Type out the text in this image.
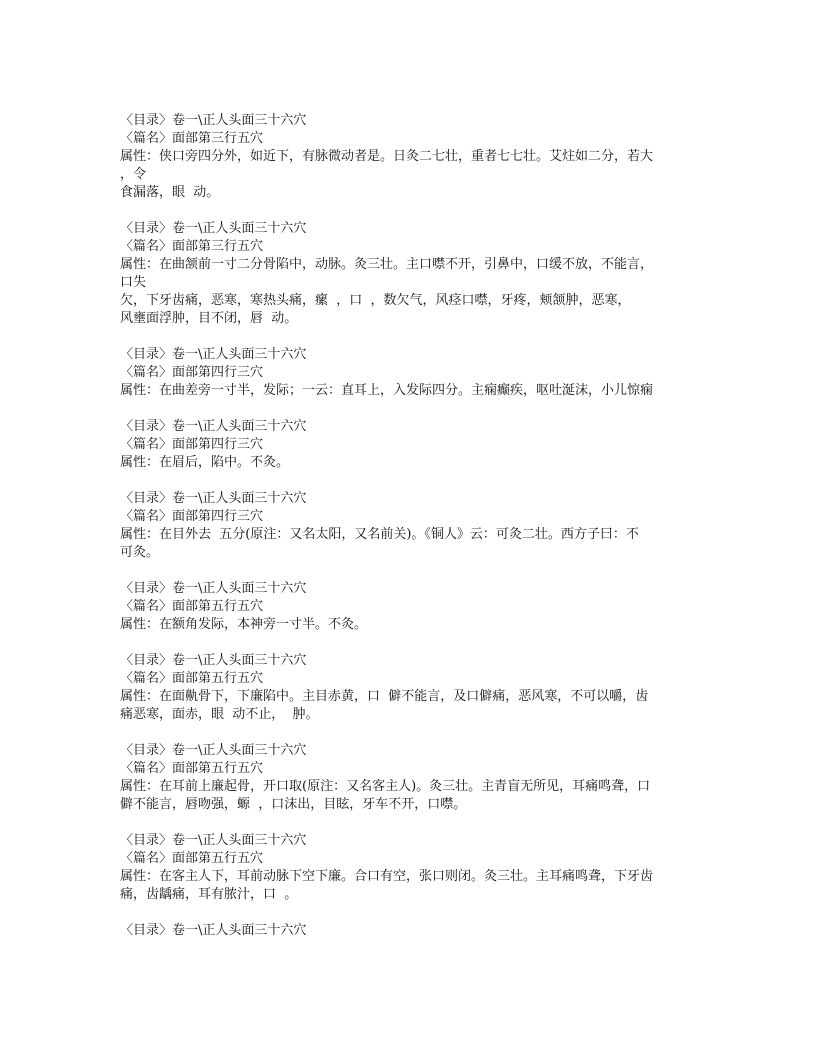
〈目录〉卷一\正人头面三十六穴
〈篇名〉面部第三行五穴
属性：侠口旁四分外，如近下，有脉微动者是。日灸二七壮，重者七七壮。艾炷如二分，若大
，令
食漏落，眼  动。
〈目录〉卷一\正人头面三十六穴
〈篇名〉面部第三行五穴
属性：在曲颔前一寸二分骨陷中，动脉。灸三壮。主口噤不开，引鼻中，口缓不放，不能言，
口失
欠，下牙齿痛，恶寒，寒热头痛，瘰  ，口  ，数欠气，风痉口噤，牙疼，颊颔肿，恶寒，
风壅面浮肿，目不闭，唇  动。
〈目录〉卷一\正人头面三十六穴
〈篇名〉面部第四行三穴
属性：在曲差旁一寸半，发际；一云：直耳上，入发际四分。主痫癫疾，呕吐涎沫，小儿惊痫
〈目录〉卷一\正人头面三十六穴
〈篇名〉面部第四行三穴
属性：在眉后，陷中。不灸。
〈目录〉卷一\正人头面三十六穴
〈篇名〉面部第四行三穴
属性：在目外去  五分(原注：又名太阳，又名前关)。《铜人》云：可灸二壮。西方子曰：不
可灸。
〈目录〉卷一\正人头面三十六穴
〈篇名〉面部第五行五穴
属性：在额角发际，本神旁一寸半。不灸。
〈目录〉卷一\正人头面三十六穴
〈篇名〉面部第五行五穴
属性：在面鼽骨下，下廉陷中。主目赤黄，口  僻不能言，及口僻痛，恶风寒，不可以嚼，齿
痛恶寒，面赤，眼  动不止，  肿。
〈目录〉卷一\正人头面三十六穴
〈篇名〉面部第五行五穴
属性：在耳前上廉起骨，开口取(原注：又名客主人)。灸三壮。主青盲无所见，耳痛鸣聋，口
僻不能言，唇吻强，螈  ，口沫出，目眩，牙车不开，口噤。
〈目录〉卷一\正人头面三十六穴
〈篇名〉面部第五行五穴
属性：在客主人下，耳前动脉下空下廉。合口有空，张口则闭。灸三壮。主耳痛鸣聋，下牙齿
痛，齿龋痛，耳有脓汁，口  。
〈目录〉卷一\正人头面三十六穴
